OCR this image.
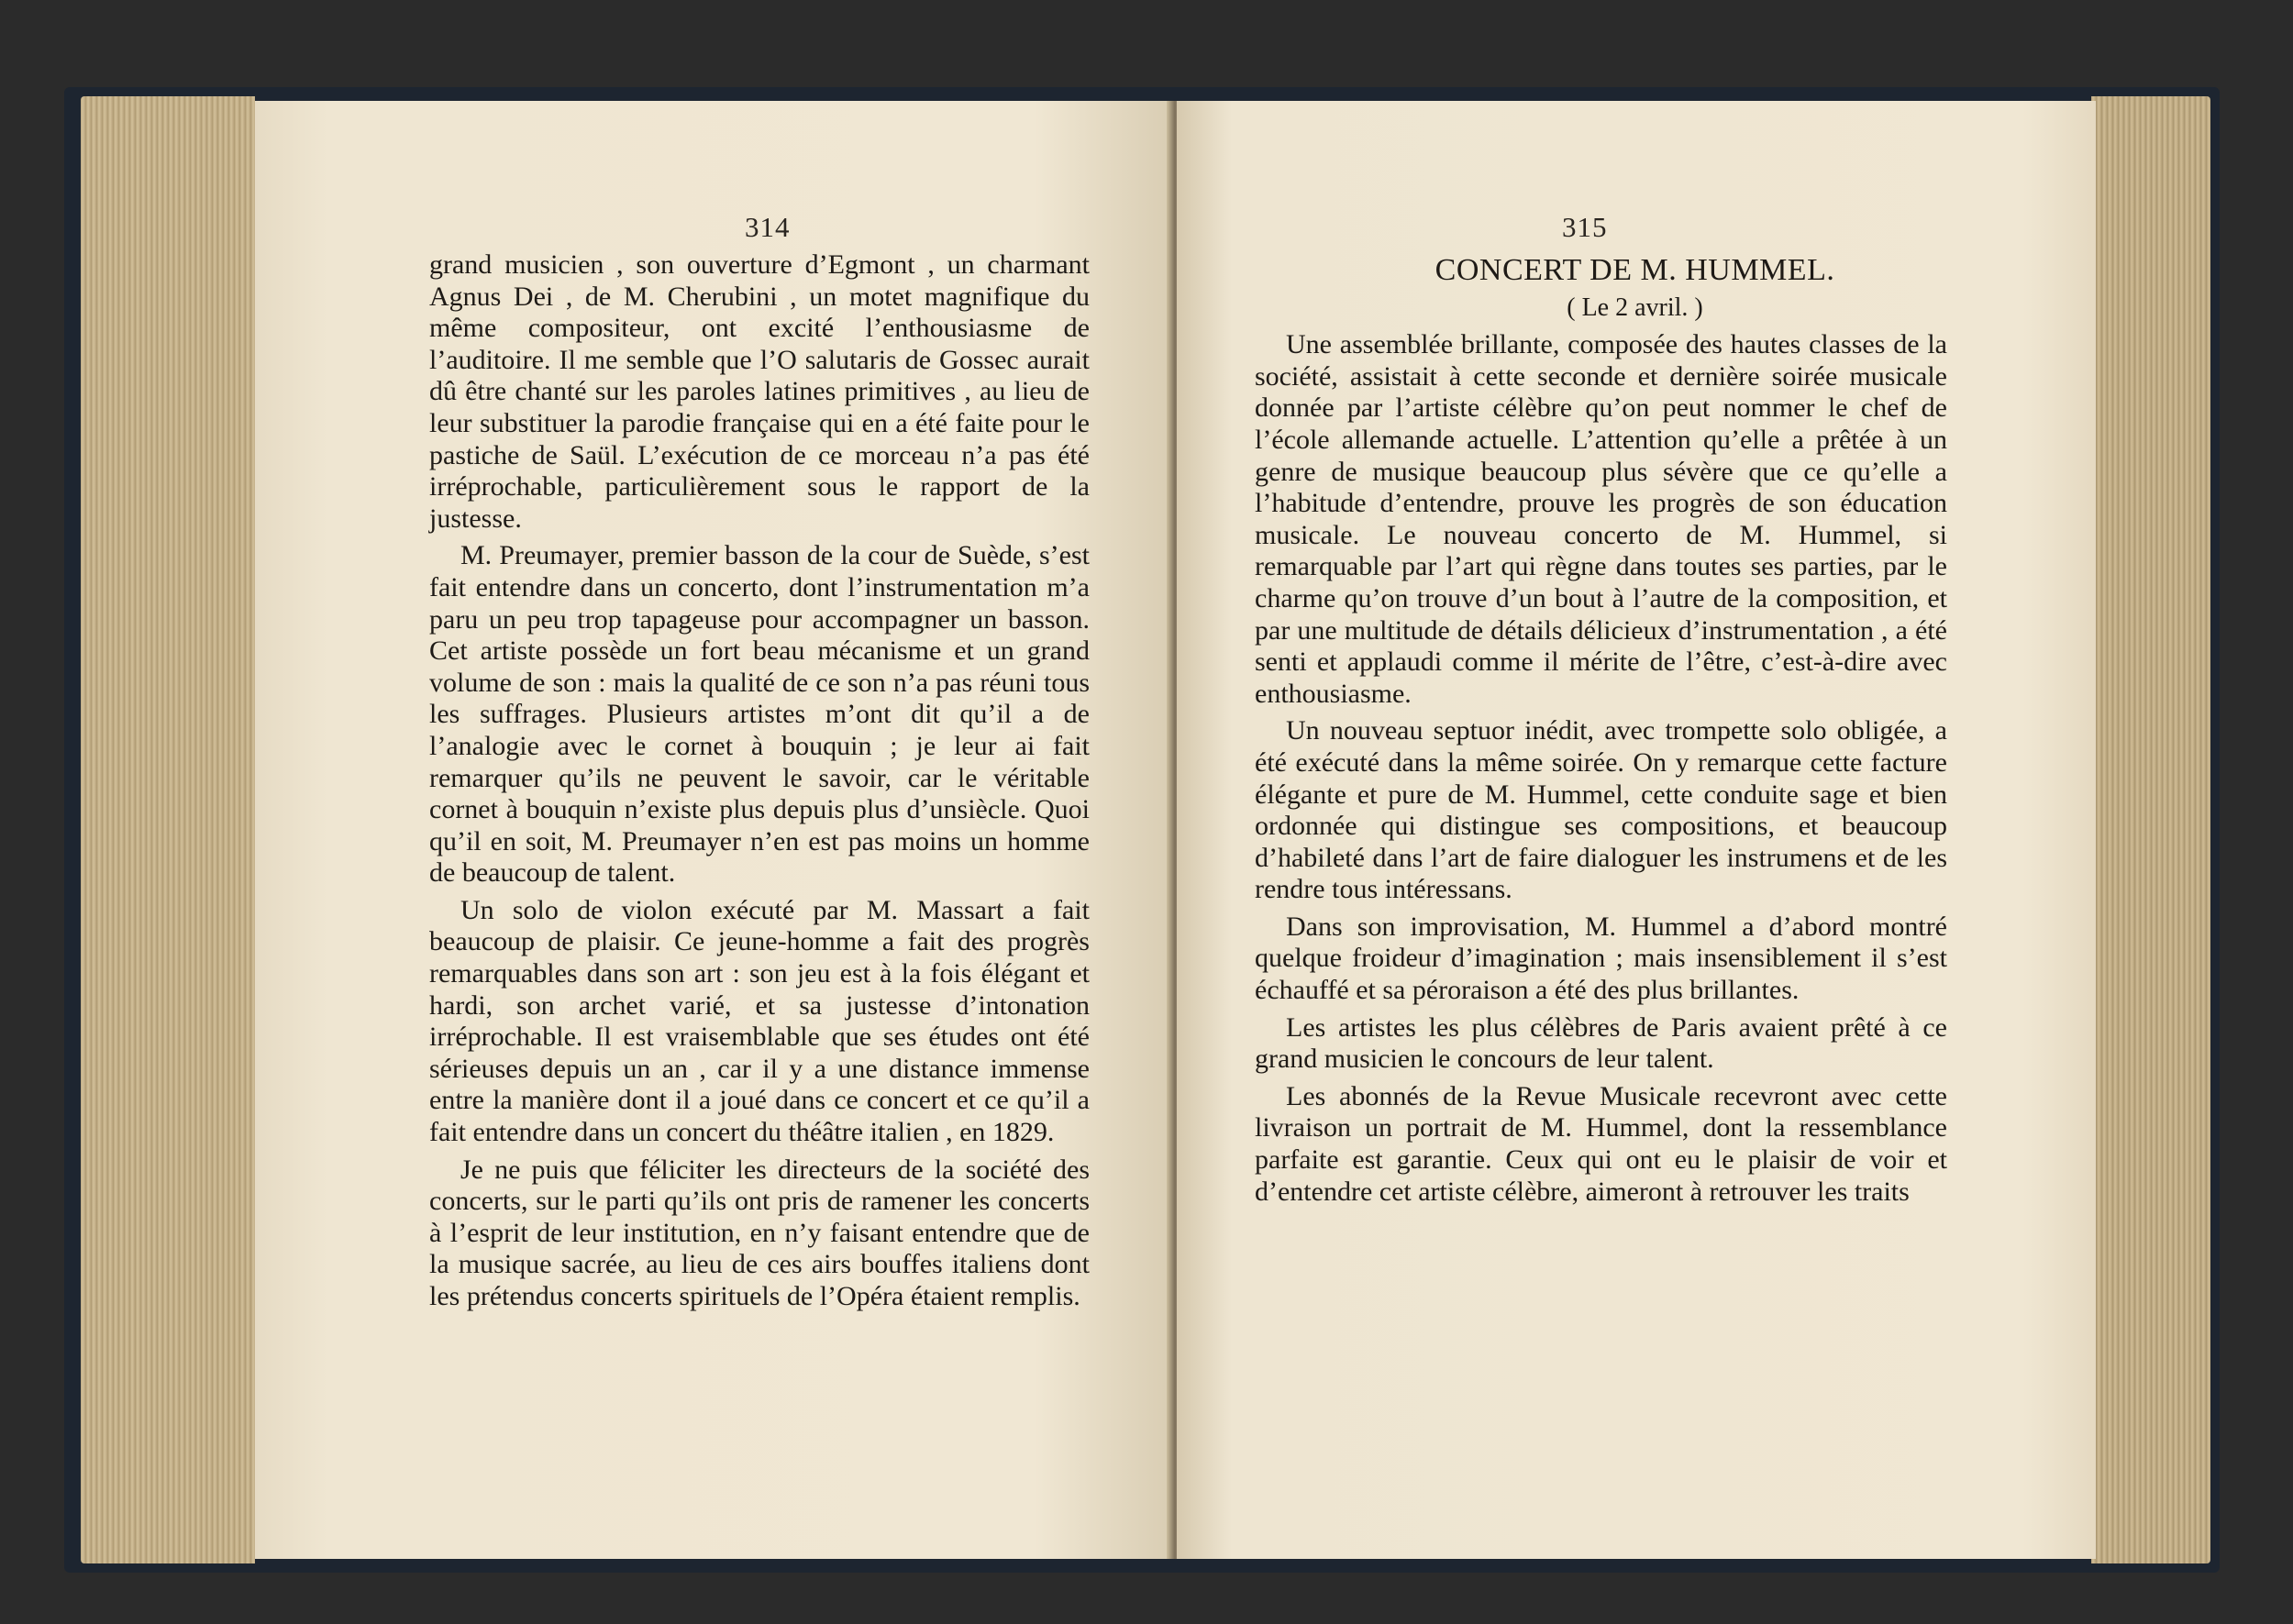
314

grand musicien , son ouverture d’Egmont , un charmant Agnus Dei , de M. Cherubini , un motet magnifique du même compositeur, ont excité l’enthousiasme de l’auditoire. Il me semble que l’O salutaris de Gossec aurait dû être chanté sur les paroles latines primitives , au lieu de leur substituer la parodie française qui en a été faite pour le pastiche de Saül. L’exécution de ce morceau n’a pas été irréprochable, particulièrement sous le rapport de la justesse.

M. Preumayer, premier basson de la cour de Suède, s’est fait entendre dans un concerto, dont l’instrumentation m’a paru un peu trop tapageuse pour accompagner un basson. Cet artiste possède un fort beau mécanisme et un grand volume de son : mais la qualité de ce son n’a pas réuni tous les suffrages. Plusieurs artistes m’ont dit qu’il a de l’analogie avec le cornet à bouquin ; je leur ai fait remarquer qu’ils ne peuvent le savoir, car le véritable cornet à bouquin n’existe plus depuis plus d’unsiècle. Quoi qu’il en soit, M. Preumayer n’en est pas moins un homme de beaucoup de talent.

Un solo de violon exécuté par M. Massart a fait beaucoup de plaisir. Ce jeune-homme a fait des progrès remarquables dans son art : son jeu est à la fois élégant et hardi, son archet varié, et sa justesse d’intonation irréprochable. Il est vraisemblable que ses études ont été sérieuses depuis un an , car il y a une distance immense entre la manière dont il a joué dans ce concert et ce qu’il a fait entendre dans un concert du théâtre italien , en 1829.

Je ne puis que féliciter les directeurs de la société des concerts, sur le parti qu’ils ont pris de ramener les concerts à l’esprit de leur institution, en n’y faisant entendre que de la musique sacrée, au lieu de ces airs bouffes italiens dont les prétendus concerts spirituels de l’Opéra étaient remplis.

315

CONCERT DE M. HUMMEL.

( Le 2 avril. )

Une assemblée brillante, composée des hautes classes de la société, assistait à cette seconde et dernière soirée musicale donnée par l’artiste célèbre qu’on peut nommer le chef de l’école allemande actuelle. L’attention qu’elle a prêtée à un genre de musique beaucoup plus sévère que ce qu’elle a l’habitude d’entendre, prouve les progrès de son éducation musicale. Le nouveau concerto de M. Hummel, si remarquable par l’art qui règne dans toutes ses parties, par le charme qu’on trouve d’un bout à l’autre de la composition, et par une multitude de détails délicieux d’instrumentation , a été senti et applaudi comme il mérite de l’être, c’est-à-dire avec enthousiasme.

Un nouveau septuor inédit, avec trompette solo obligée, a été exécuté dans la même soirée. On y remarque cette facture élégante et pure de M. Hummel, cette conduite sage et bien ordonnée qui distingue ses compositions, et beaucoup d’habileté dans l’art de faire dialoguer les instrumens et de les rendre tous intéressans.

Dans son improvisation, M. Hummel a d’abord montré quelque froideur d’imagination ; mais insensiblement il s’est échauffé et sa péroraison a été des plus brillantes.

Les artistes les plus célèbres de Paris avaient prêté à ce grand musicien le concours de leur talent.

Les abonnés de la Revue Musicale recevront avec cette livraison un portrait de M. Hummel, dont la ressemblance parfaite est garantie. Ceux qui ont eu le plaisir de voir et d’entendre cet artiste célèbre, aimeront à retrouver les traits
